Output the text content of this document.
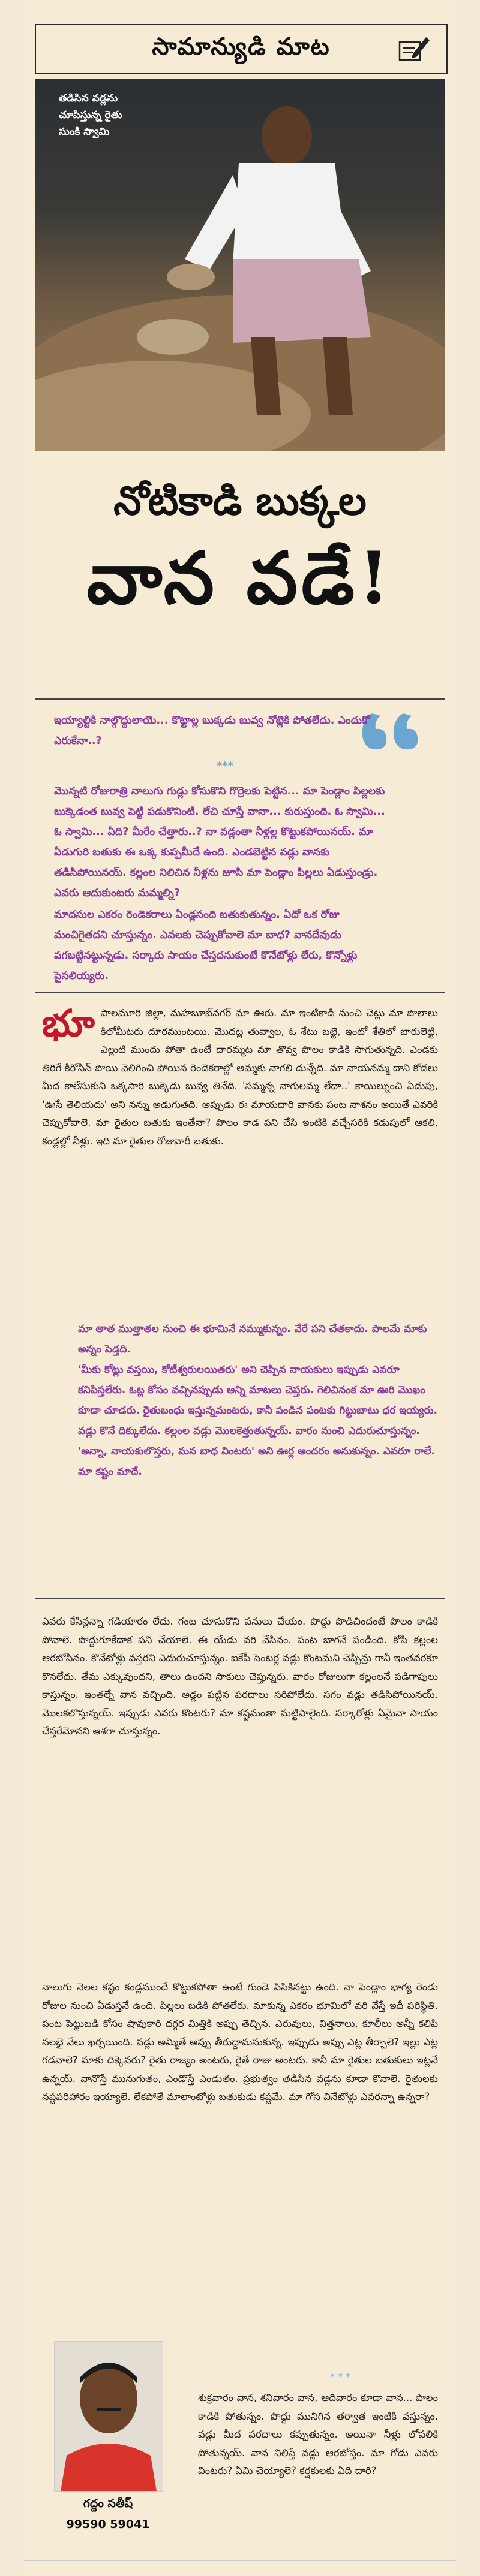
సామాన్యుడి మాట
తడిసిన వడ్లను
చూపిస్తున్న రైతు
సుంకి స్వామి
నోటికాడి బుక్కల
వాన వడే!

ఇయ్యాల్టికి నాల్గొద్దులాయె... కొట్టాల్ల బుక్కడు బువ్వ నోట్లెకి పోతలేదు. ఎందుకో ఎరుకేనా..?

***

మొన్నటి రోజురాత్రి నాలుగు గుడ్లు కోసుకొని గొర్రెలకు పెట్టిన... మా పెండ్లాం పిల్లలకు బుక్కెడంత బువ్వ పెట్టి పడుకొనింటి. లేచి చూస్తే వానా... కురుస్తుంది. ఓ స్వామి... ఓ స్వామి... ఏది? మీరేం చేత్తారు..? నా వడ్లంతా నీళ్లల్ల కొట్టుకపోయినయ్. మా ఏడుగురి బతుకు ఈ ఒక్క కుప్పమీదే ఉంది. ఎండబెట్టిన వడ్లు వానకు తడిసిపోయినయ్. కల్లంల నిలిచిన నీళ్లను జూసి మా పెండ్లాం పిల్లలు ఏడుస్తుండ్రు. ఎవరు ఆదుకుంటరు మమ్మల్ని?

మాదసుల ఎకరం రెండెకరాలు ఏండ్లసంది బతుకుతున్నం. ఏదో ఒక రోజు మంచిగైతదని చూస్తున్నం. ఎవలకు చెప్పుకోవాలె మా బాధ? వానదేవుడు పగబట్టినట్టున్నడు. సర్కారు సాయం చేస్తదనుకుంటే కొనేటోళ్లు లేరు, కొన్నోళ్లు పైసలియ్యరు.

భూపాలమూరి జిల్లా, మహబూబ్‌నగర్ మా ఊరు. మా ఇంటికాడి నుంచి చెట్లు మా పొలాలు కిలోమీటరు దూరముంటయి. మొదట్ల తువ్వాల, ఓ శేటు బట్టె, ఇంటో శేతిలో బారులెట్టి, ఎల్లుటి ముందు పోతా ఉంటే దారమ్మట మా తొవ్వ పొలం కాడికి సాగుతున్నది. ఎండకు తిరిగే కిరోసిన్ పొయి వెలిగించి పోయిన రెండెకరాల్లో అమ్మకు నాగలి దున్నేది. మా నాయనమ్మ దాని కోడలు మీద కాలేసుకుని ఒక్కసారి బుక్కెడు బువ్వ తినేది. 'సమ్మన్న నాగులమ్మ లేదా..' కాయిల్నుంచి ఏడుపు, 'ఊసే తెలియదు' అని నన్ను అడుగుతది. అప్పుడు ఈ మాయదారి వానకు పంట నాశనం అయితే ఎవరికి చెప్పుకోవాలె. మా రైతుల బతుకు ఇంతేనా? పొలం కాడ పని చేసి ఇంటికి వచ్చేసరికి కడుపులో ఆకలి, కండ్లల్లో నీళ్లు. ఇది మా రైతుల రోజువారీ బతుకు.

మా తాత ముత్తాతల నుంచి ఈ భూమినే నమ్ముకున్నం. వేరే పని చేతకాదు. పొలమే మాకు అన్నం పెడ్తది.

'మీకు కోట్లు వస్తయి, కోటీశ్వరులయితరు' అని చెప్పిన నాయకులు ఇప్పుడు ఎవరూ కనిపిస్తలేరు. ఓట్ల కోసం వచ్చినప్పుడు అన్ని మాటలు చెప్తరు. గెలిచినంక మా ఊరి మొఖం కూడా చూడరు. రైతుబంధు ఇస్తున్నమంటరు, కానీ పండిన పంటకు గిట్టుబాటు ధర ఇయ్యరు. వడ్లు కొనే దిక్కులేదు. కల్లంల వడ్లు మొలకెత్తుతున్నయ్. వారం నుంచి ఎదురుచూస్తున్నం.

'అన్నా, నాయకులొస్తరు, మన బాధ వింటరు' అని ఊర్ల అందరం అనుకున్నం. ఎవరూ రాలే. మా కష్టం మాదే.

ఎవరు కేసిన్లన్నా గడియారం లేదు. గంట చూసుకొని పనులు చేయం. పొద్దు పొడిచిందంటే పొలం కాడికి పోవాలె. పొద్దుగూకేదాక పని చేయాలె. ఈ యేడు వరి వేసినం. పంట బాగనే పండింది. కోసి కల్లంల ఆరబోసినం. కొనేటోళ్లు వస్తరని ఎదురుచూస్తున్నం. ఐకేపీ సెంటర్ల వడ్లు కొంటమని చెప్పిన్రు గానీ ఇంతవరకూ కొనలేదు. తేమ ఎక్కువుందని, తాలు ఉందని సాకులు చెప్తున్నరు. వారం రోజులుగా కల్లంలనే పడిగాపులు కాస్తున్నం. ఇంతల్నే వాన వచ్చింది. అడ్డం పట్టిన పరదాలు సరిపోలేదు. సగం వడ్లు తడిసిపోయినయ్. మొలకలొస్తున్నయ్. ఇప్పుడు ఎవరు కొంటరు? మా కష్టమంతా మట్టిపాలైంది. సర్కారోళ్లు ఏమైనా సాయం చేస్తరేమోనని ఆశగా చూస్తున్నం.

నాలుగు నెలల కష్టం కండ్లముందే కొట్టుకపోతా ఉంటే గుండె పిసికినట్టు ఉంది. నా పెండ్లాం భాగ్య రెండు రోజుల నుంచి ఏడుస్తనే ఉంది. పిల్లలు బడికి పోతలేరు. మాకున్న ఎకరం భూమిలో వరి వేస్తే ఇదీ పరిస్థితి. పంట పెట్టుబడి కోసం షావుకారి దగ్గర మిత్తికి అప్పు తెచ్చిన. ఎరువులు, విత్తనాలు, కూలీలు అన్నీ కలిపి నలభై వేలు ఖర్చయింది. వడ్లు అమ్మితే అప్పు తీరుద్దామనుకున్న. ఇప్పుడు అప్పు ఎట్ల తీర్చాలె? ఇల్లు ఎట్ల గడవాలె? మాకు దిక్కెవరు? రైతు రాజ్యం అంటరు, రైతే రాజు అంటరు. కానీ మా రైతుల బతుకులు ఇట్లనే ఉన్నయ్. వానొస్తే మునుగుతం, ఎండొస్తే ఎండుతం. ప్రభుత్వం తడిసిన వడ్లను కూడా కొనాలె. రైతులకు నష్టపరిహారం ఇయ్యాలె. లేకపోతే మాలాంటోళ్లు బతుకుడు కష్టమే. మా గోస వినేటోళ్లు ఎవరన్నా ఉన్నరా?

గద్దం సతీష్
99590 59041
***

శుక్రవారం వాన, శనివారం వాన, ఆదివారం కూడా వాన... పొలం కాడికి పోతున్నం. పొద్దు మునిగిన తర్వాత ఇంటికి వస్తున్నం. వడ్లు మీద పరదాలు కప్పుతున్నం. అయినా నీళ్లు లోపలికి పోతున్నయ్. వాన నిలిస్తే వడ్లు ఆరబోస్తం. మా గోడు ఎవరు వింటరు? ఏమి చెయ్యాలె? కర్షకులకు ఏది దారి?
